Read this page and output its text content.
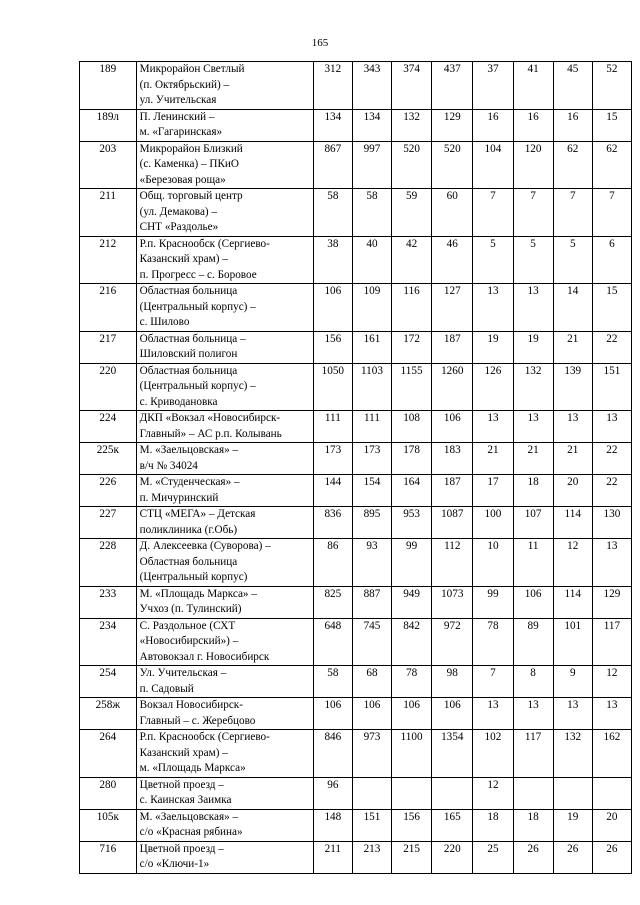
165
189	Микрорайон Светлый
(п. Октябрьский) –
ул. Учительская	312	343	374	437	37	41	45	52
189л	П. Ленинский –
м. «Гагаринская»	134	134	132	129	16	16	16	15
203	Микрорайон Близкий
(с. Каменка) – ПКиО
«Березовая роща»	867	997	520	520	104	120	62	62
211	Общ. торговый центр
(ул. Демакова) –
СНТ «Раздолье»	58	58	59	60	7	7	7	7
212	Р.п. Краснообск (Сергиево-
Казанский храм) –
п. Прогресс – с. Боровое	38	40	42	46	5	5	5	6
216	Областная больница
(Центральный корпус) –
с. Шилово	106	109	116	127	13	13	14	15
217	Областная больница –
Шиловский полигон	156	161	172	187	19	19	21	22
220	Областная больница
(Центральный корпус) –
с. Криводановка	1050	1103	1155	1260	126	132	139	151
224	ДКП «Вокзал «Новосибирск-
Главный» – АС р.п. Колывань	111	111	108	106	13	13	13	13
225к	М. «Заельцовская» –
в/ч № 34024	173	173	178	183	21	21	21	22
226	М. «Студенческая» –
п. Мичуринский	144	154	164	187	17	18	20	22
227	СТЦ «МЕГА» – Детская
поликлиника (г.Обь)	836	895	953	1087	100	107	114	130
228	Д. Алексеевка (Суворова) –
Областная больница
(Центральный корпус)	86	93	99	112	10	11	12	13
233	М. «Площадь Маркса» –
Учхоз (п. Тулинский)	825	887	949	1073	99	106	114	129
234	С. Раздольное (СХТ
«Новосибирский») –
Автовокзал г. Новосибирск	648	745	842	972	78	89	101	117
254	Ул. Учительская –
п. Садовый	58	68	78	98	7	8	9	12
258ж	Вокзал Новосибирск-
Главный – с. Жеребцово	106	106	106	106	13	13	13	13
264	Р.п. Краснообск (Сергиево-
Казанский храм) –
м. «Площадь Маркса»	846	973	1100	1354	102	117	132	162
280	Цветной проезд –
с. Каинская Заимка	96				12			
105к	М. «Заельцовская» –
с/о «Красная рябина»	148	151	156	165	18	18	19	20
716	Цветной проезд –
с/о «Ключи-1»	211	213	215	220	25	26	26	26
